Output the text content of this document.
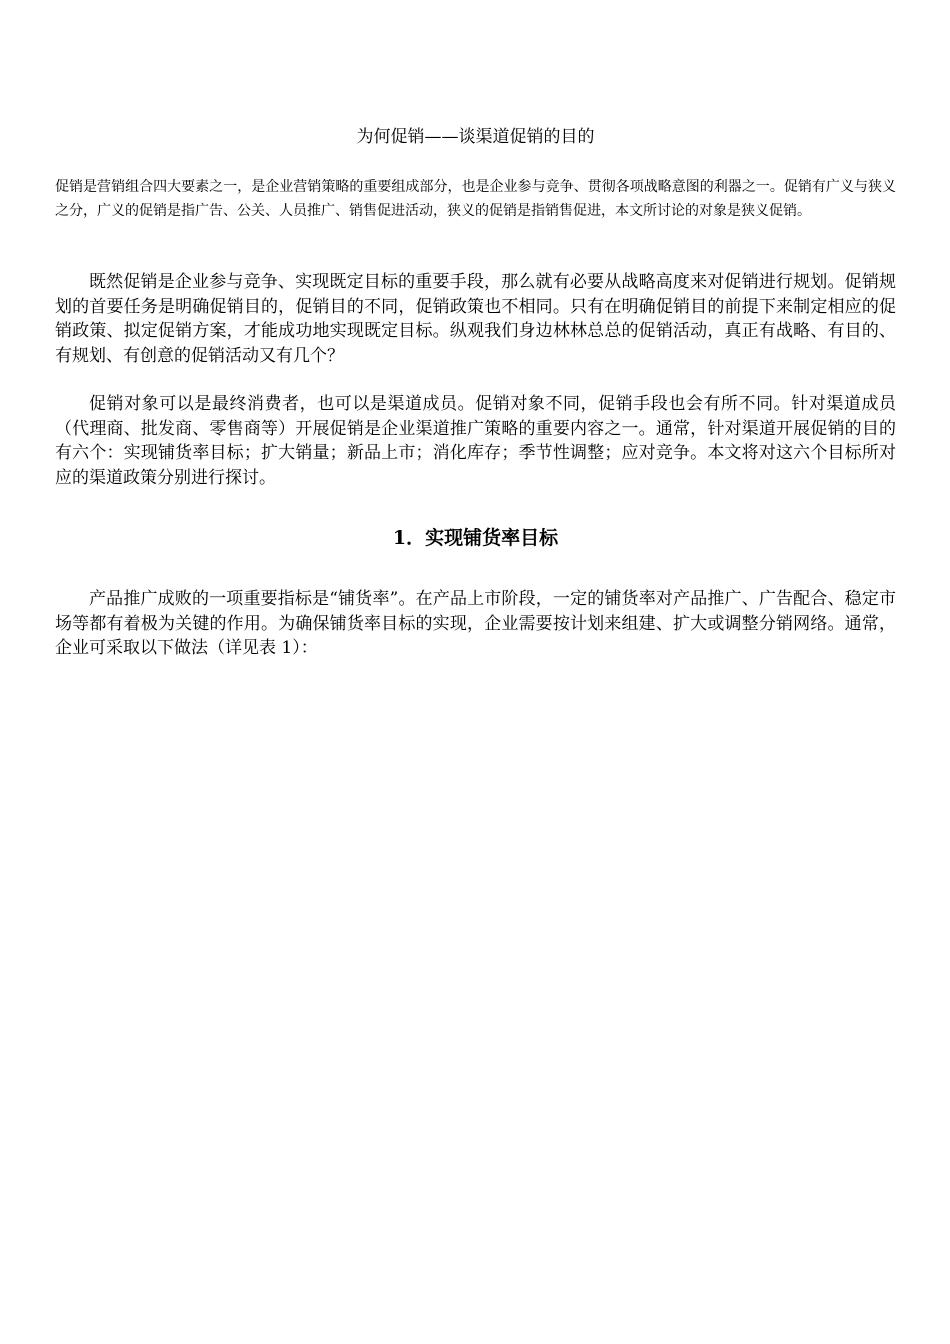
为何促销——谈渠道促销的目的

促销是营销组合四大要素之一，是企业营销策略的重要组成部分，也是企业参与竞争、贯彻各项战略意图的利器之一。促销有广义与狭义之分，广义的促销是指广告、公关、人员推广、销售促进活动，狭义的促销是指销售促进，本文所讨论的对象是狭义促销。

既然促销是企业参与竞争、实现既定目标的重要手段，那么就有必要从战略高度来对促销进行规划。促销规划的首要任务是明确促销目的，促销目的不同，促销政策也不相同。只有在明确促销目的前提下来制定相应的促销政策、拟定促销方案，才能成功地实现既定目标。纵观我们身边林林总总的促销活动，真正有战略、有目的、有规划、有创意的促销活动又有几个？

促销对象可以是最终消费者，也可以是渠道成员。促销对象不同，促销手段也会有所不同。针对渠道成员（代理商、批发商、零售商等）开展促销是企业渠道推广策略的重要内容之一。通常，针对渠道开展促销的目的有六个：实现铺货率目标；扩大销量；新品上市；消化库存；季节性调整；应对竞争。本文将对这六个目标所对应的渠道政策分别进行探讨。

1．实现铺货率目标

产品推广成败的一项重要指标是“铺货率”。在产品上市阶段，一定的铺货率对产品推广、广告配合、稳定市场等都有着极为关键的作用。为确保铺货率目标的实现，企业需要按计划来组建、扩大或调整分销网络。通常，企业可采取以下做法（详见表 1）：
